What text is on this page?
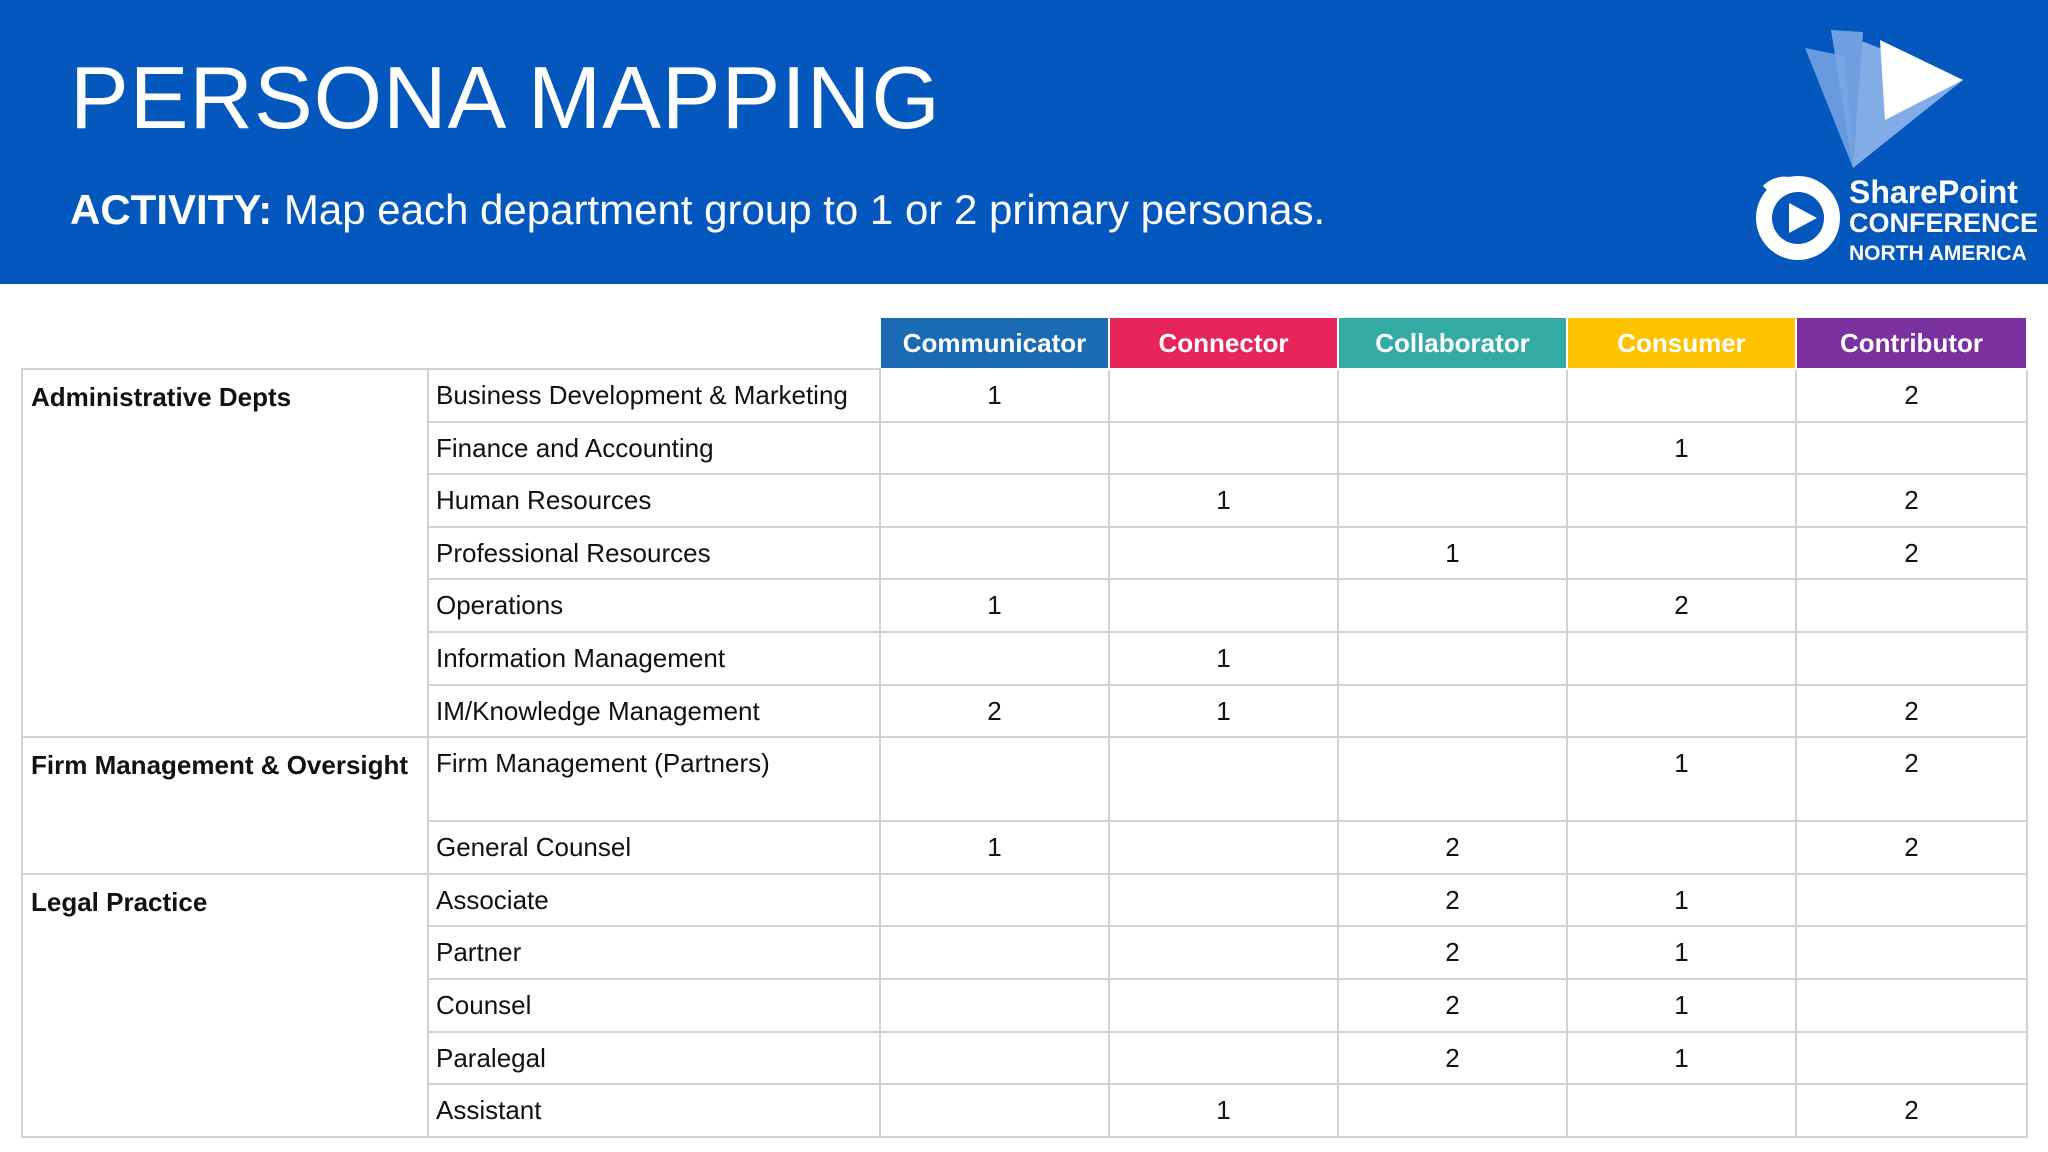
PERSONA MAPPING
ACTIVITY: Map each department group to 1 or 2 primary personas.	SharePoint
CONFERENCE
NORTH AMERICA
		Communicator	Connector	Collaborator	Consumer	Contributor
Administrative Depts	Business Development & Marketing	1				2

	Finance and Accounting				1	

	Human Resources		1			2

	Professional Resources			1		2

	Operations	1			2	

	Information Management		1			

	IM/Knowledge Management	2	1			2

Firm Management & Oversight	Firm Management (Partners)				1	2

	General Counsel	1		2		2

Legal Practice	Associate			2	1	

	Partner			2	1	

	Counsel			2	1	

	Paralegal			2	1	

	Assistant		1			2
